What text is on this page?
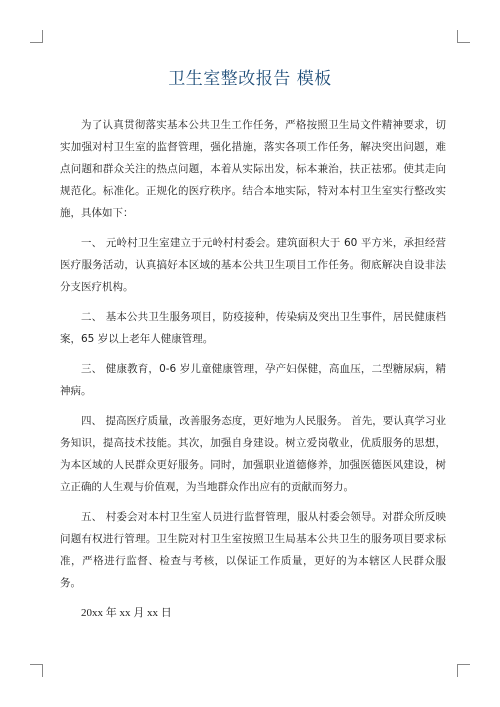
卫生室整改报告 模板

为了认真贯彻落实基本公共卫生工作任务，严格按照卫生局文件精神要求，切实加强对村卫生室的监督管理，强化措施，落实各项工作任务，解决突出问题，难点问题和群众关注的热点问题，本着从实际出发，标本兼治，扶正祛邪。使其走向规范化。标准化。正规化的医疗秩序。结合本地实际，特对本村卫生室实行整改实施，具体如下：

一、 元岭村卫生室建立于元岭村村委会。建筑面积大于 60 平方米，承担经营医疗服务活动，认真搞好本区域的基本公共卫生项目工作任务。彻底解决自设非法分支医疗机构。

二、 基本公共卫生服务项目，防疫接种，传染病及突出卫生事件，居民健康档案，65 岁以上老年人健康管理。

三、 健康教育，0-6 岁儿童健康管理，孕产妇保健，高血压，二型糖尿病，精神病。

四、 提高医疗质量，改善服务态度，更好地为人民服务。 首先，要认真学习业务知识，提高技术技能。其次，加强自身建设。树立爱岗敬业，优质服务的思想，为本区域的人民群众更好服务。同时，加强职业道德修养，加强医德医风建设，树立正确的人生观与价值观，为当地群众作出应有的贡献而努力。

五、 村委会对本村卫生室人员进行监督管理，服从村委会领导。对群众所反映问题有权进行管理。卫生院对村卫生室按照卫生局基本公共卫生的服务项目要求标准，严格进行监督、检查与考核，以保证工作质量，更好的为本辖区人民群众服务。

20xx 年 xx 月 xx 日
